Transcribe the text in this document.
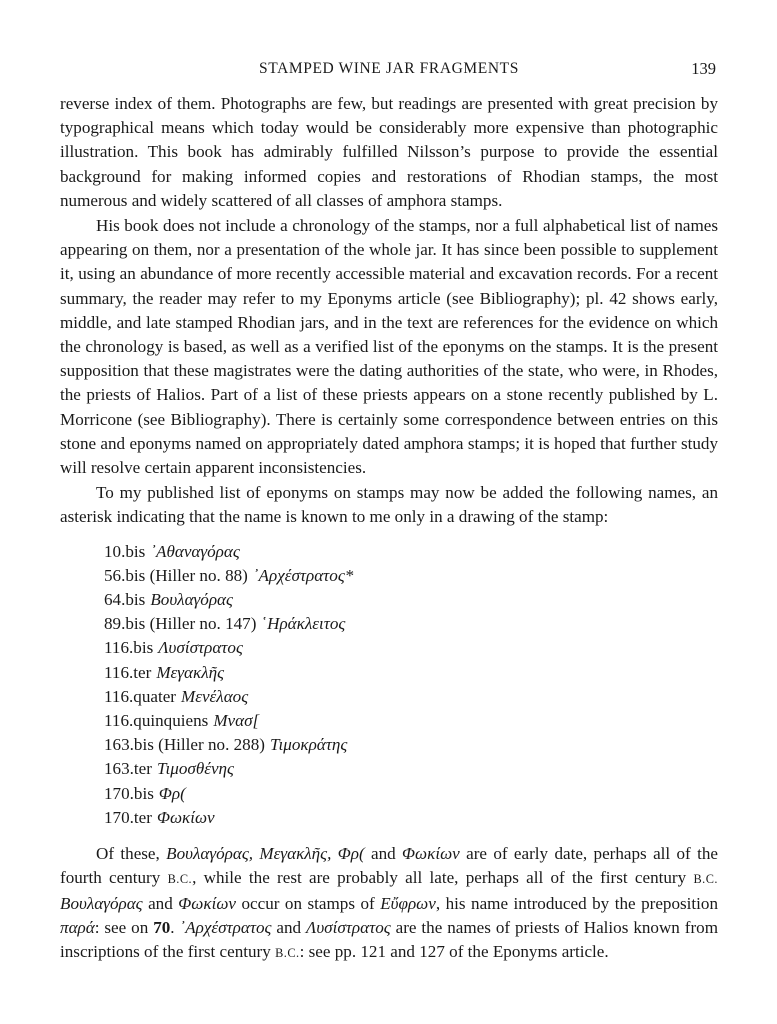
STAMPED WINE JAR FRAGMENTS	139

reverse index of them. Photographs are few, but readings are presented with great precision by typographical means which today would be considerably more expensive than photographic illustration. This book has admirably fulfilled Nilsson’s purpose to provide the essential background for making informed copies and restorations of Rhodian stamps, the most numerous and widely scattered of all classes of amphora stamps.

His book does not include a chronology of the stamps, nor a full alphabetical list of names appearing on them, nor a presentation of the whole jar. It has since been possible to supplement it, using an abundance of more recently accessible material and excavation records. For a recent summary, the reader may refer to my Eponyms article (see Bibliography); pl. 42 shows early, middle, and late stamped Rhodian jars, and in the text are references for the evidence on which the chronology is based, as well as a verified list of the eponyms on the stamps. It is the present supposition that these magistrates were the dating authorities of the state, who were, in Rhodes, the priests of Halios. Part of a list of these priests appears on a stone recently published by L. Morricone (see Bibliography). There is certainly some correspondence between entries on this stone and eponyms named on appropriately dated amphora stamps; it is hoped that further study will resolve certain apparent inconsistencies.

To my published list of eponyms on stamps may now be added the following names, an asterisk indicating that the name is known to me only in a drawing of the stamp:

10.bis ᾿Αθαναγόρας
56.bis (Hiller no. 88) ᾿Αρχέστρατος*
64.bis Βουλαγόρας
89.bis (Hiller no. 147) ῾Ηράκλειτος
116.bis Λυσίστρατος
116.ter Μεγακλῆς
116.quater Μενέλαος
116.quinquiens Μνασ[
163.bis (Hiller no. 288) Τιμοκράτης
163.ter Τιμοσθένης
170.bis Φρ(
170.ter Φωκίων

Of these, Βουλαγόρας, Μεγακλῆς, Φρ( and Φωκίων are of early date, perhaps all of the fourth century B.C., while the rest are probably all late, perhaps all of the first century B.C. Βουλαγόρας and Φωκίων occur on stamps of Εὔφρων, his name introduced by the preposition παρά: see on 70. ᾿Αρχέστρατος and Λυσίστρατος are the names of priests of Halios known from inscriptions of the first century B.C.: see pp. 121 and 127 of the Eponyms article.
